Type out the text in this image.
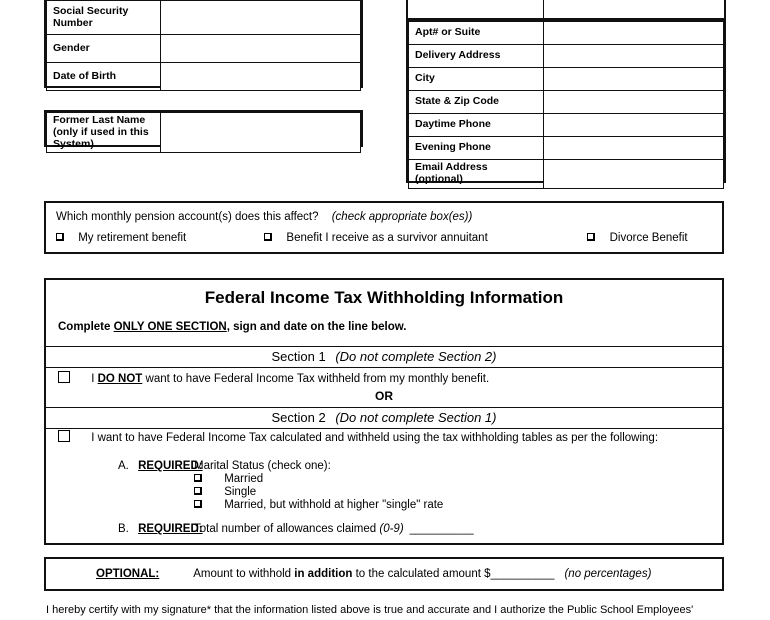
Social Security Number	
Gender	
Date of Birth	
Former Last Name (only if used in this System)	
Apt# or Suite	
Delivery Address	
City	
State & Zip Code	
Daytime Phone	
Evening Phone	
Email Address (optional)	
Which monthly pension account(s) does this affect? (check appropriate box(es))
My retirement benefit	Benefit I receive as a survivor annuitant	Divorce Benefit
Federal Income Tax Withholding Information
Complete ONLY ONE SECTION, sign and date on the line below.
Section 1 (Do not complete Section 2)
I DO NOT want to have Federal Income Tax withheld from my monthly benefit.
OR
Section 2 (Do not complete Section 1)
I want to have Federal Income Tax calculated and withheld using the tax withholding tables as per the following:
A. REQUIRED:
Marital Status (check one):
Married
Single
Married, but withhold at higher "single" rate
B. REQUIRED:
Total number of allowances claimed (0-9) __________
OPTIONAL:	Amount to withhold in addition to the calculated amount $__________ (no percentages)
I hereby certify with my signature* that the information listed above is true and accurate and I authorize the Public School Employees'
